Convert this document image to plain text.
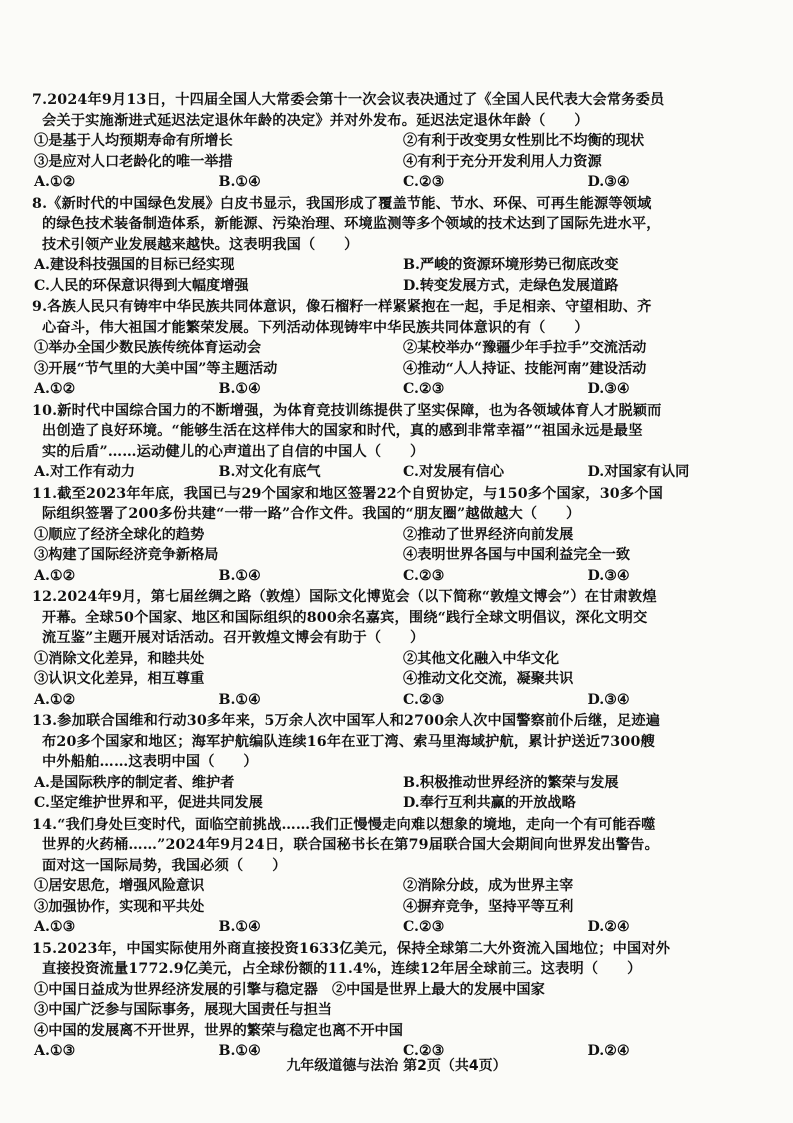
7.2024年9月13日，十四届全国人大常委会第十一次会议表决通过了《全国人民代表大会常务委员
会关于实施渐进式延迟法定退休年龄的决定》并对外发布。延迟法定退休年龄（　　）
①是基于人均预期寿命有所增长	②有利于改变男女性别比不均衡的现状
③是应对人口老龄化的唯一举措	④有利于充分开发利用人力资源
A.①②	B.①④	C.②③	D.③④
8.《新时代的中国绿色发展》白皮书显示，我国形成了覆盖节能、节水、环保、可再生能源等领域
的绿色技术装备制造体系，新能源、污染治理、环境监测等多个领域的技术达到了国际先进水平，
技术引领产业发展越来越快。这表明我国（　　）
A.建设科技强国的目标已经实现	B.严峻的资源环境形势已彻底改变
C.人民的环保意识得到大幅度增强	D.转变发展方式，走绿色发展道路
9.各族人民只有铸牢中华民族共同体意识，像石榴籽一样紧紧抱在一起，手足相亲、守望相助、齐
心奋斗，伟大祖国才能繁荣发展。下列活动体现铸牢中华民族共同体意识的有（　　）
①举办全国少数民族传统体育运动会	②某校举办“豫疆少年手拉手”交流活动
③开展“节气里的大美中国”等主题活动	④推动“人人持证、技能河南”建设活动
A.①②	B.①④	C.②③	D.③④
10.新时代中国综合国力的不断增强，为体育竞技训练提供了坚实保障，也为各领域体育人才脱颖而
出创造了良好环境。“能够生活在这样伟大的国家和时代，真的感到非常幸福”“祖国永远是最坚
实的后盾”……运动健儿的心声道出了自信的中国人（　　）
A.对工作有动力	B.对文化有底气	C.对发展有信心	D.对国家有认同
11.截至2023年年底，我国已与29个国家和地区签署22个自贸协定，与150多个国家，30多个国
际组织签署了200多份共建“一带一路”合作文件。我国的“朋友圈”越做越大（　　）
①顺应了经济全球化的趋势	②推动了世界经济向前发展
③构建了国际经济竞争新格局	④表明世界各国与中国利益完全一致
A.①②	B.①④	C.②③	D.③④
12.2024年9月，第七届丝绸之路（敦煌）国际文化博览会（以下简称“敦煌文博会”）在甘肃敦煌
开幕。全球50个国家、地区和国际组织的800余名嘉宾，围绕“践行全球文明倡议，深化文明交
流互鉴”主题开展对话活动。召开敦煌文博会有助于（　　）
①消除文化差异，和睦共处	②其他文化融入中华文化
③认识文化差异，相互尊重	④推动文化交流，凝聚共识
A.①②	B.①④	C.②③	D.③④
13.参加联合国维和行动30多年来，5万余人次中国军人和2700余人次中国警察前仆后继，足迹遍
布20多个国家和地区；海军护航编队连续16年在亚丁湾、索马里海域护航，累计护送近7300艘
中外船舶……这表明中国（　　）
A.是国际秩序的制定者、维护者	B.积极推动世界经济的繁荣与发展
C.坚定维护世界和平，促进共同发展	D.奉行互利共赢的开放战略
14.“我们身处巨变时代，面临空前挑战……我们正慢慢走向难以想象的境地，走向一个有可能吞噬
世界的火药桶……”2024年9月24日，联合国秘书长在第79届联合国大会期间向世界发出警告。
面对这一国际局势，我国必须（　　）
①居安思危，增强风险意识	②消除分歧，成为世界主宰
③加强协作，实现和平共处	④摒弃竞争，坚持平等互利
A.①③	B.①④	C.②③	D.②④
15.2023年，中国实际使用外商直接投资1633亿美元，保持全球第二大外资流入国地位；中国对外
直接投资流量1772.9亿美元，占全球份额的11.4%，连续12年居全球前三。这表明（　　）
①中国日益成为世界经济发展的引擎与稳定器　②中国是世界上最大的发展中国家
③中国广泛参与国际事务，展现大国责任与担当
④中国的发展离不开世界，世界的繁荣与稳定也离不开中国
A.①③	B.①④	C.②③	D.②④
九年级道德与法治 第2页（共4页）
